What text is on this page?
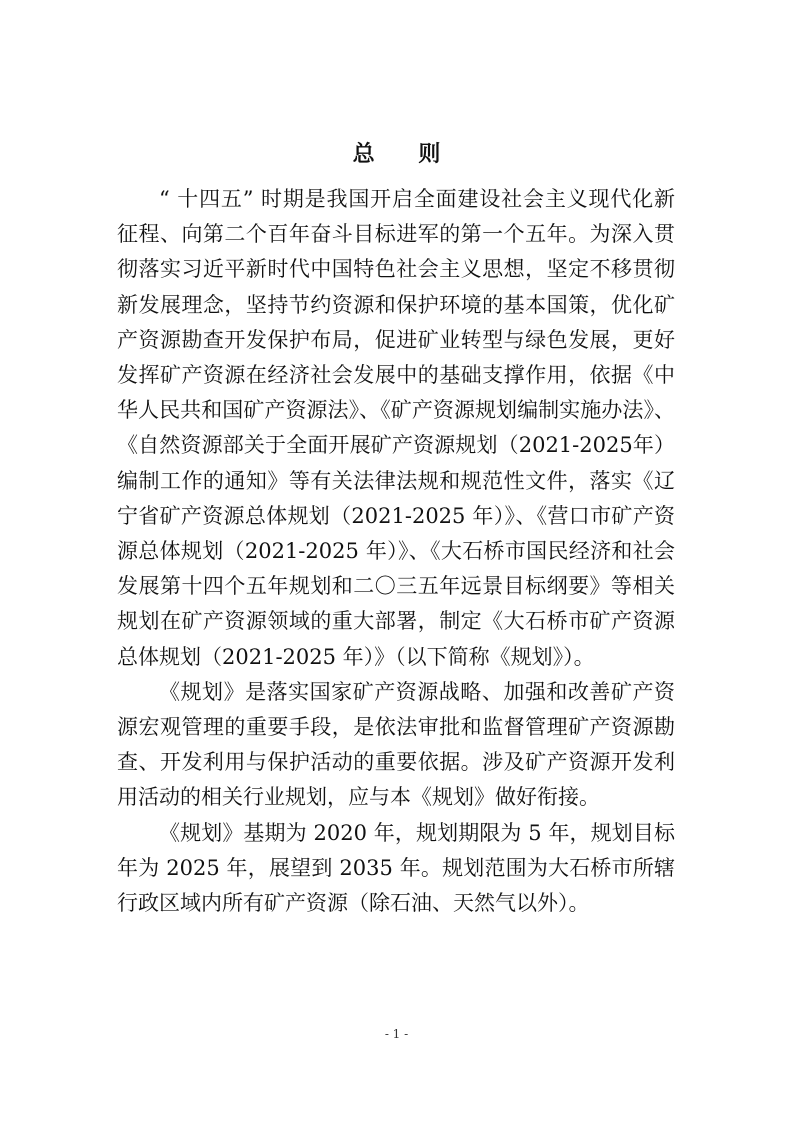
总 则

“ 十四五” 时期是我国开启全面建设社会主义现代化新征程、向第二个百年奋斗目标进军的第一个五年。为深入贯彻落实习近平新时代中国特色社会主义思想，坚定不移贯彻新发展理念，坚持节约资源和保护环境的基本国策，优化矿产资源勘查开发保护布局，促进矿业转型与绿色发展，更好发挥矿产资源在经济社会发展中的基础支撑作用，依据《中华人民共和国矿产资源法》、《矿产资源规划编制实施办法》、《自然资源部关于全面开展矿产资源规划（2021-2025年）编制工作的通知》等有关法律法规和规范性文件，落实《辽宁省矿产资源总体规划（2021-2025 年）》、《营口市矿产资源总体规划（2021-2025 年）》、《大石桥市国民经济和社会发展第十四个五年规划和二〇三五年远景目标纲要》等相关规划在矿产资源领域的重大部署，制定《大石桥市矿产资源总体规划（2021-2025 年）》（以下简称《规划》）。

《规划》是落实国家矿产资源战略、加强和改善矿产资源宏观管理的重要手段，是依法审批和监督管理矿产资源勘查、开发利用与保护活动的重要依据。涉及矿产资源开发利用活动的相关行业规划，应与本《规划》做好衔接。

《规划》基期为 2020 年，规划期限为 5 年，规划目标年为 2025 年，展望到 2035 年。规划范围为大石桥市所辖行政区域内所有矿产资源（除石油、天然气以外）。

- 1 -
